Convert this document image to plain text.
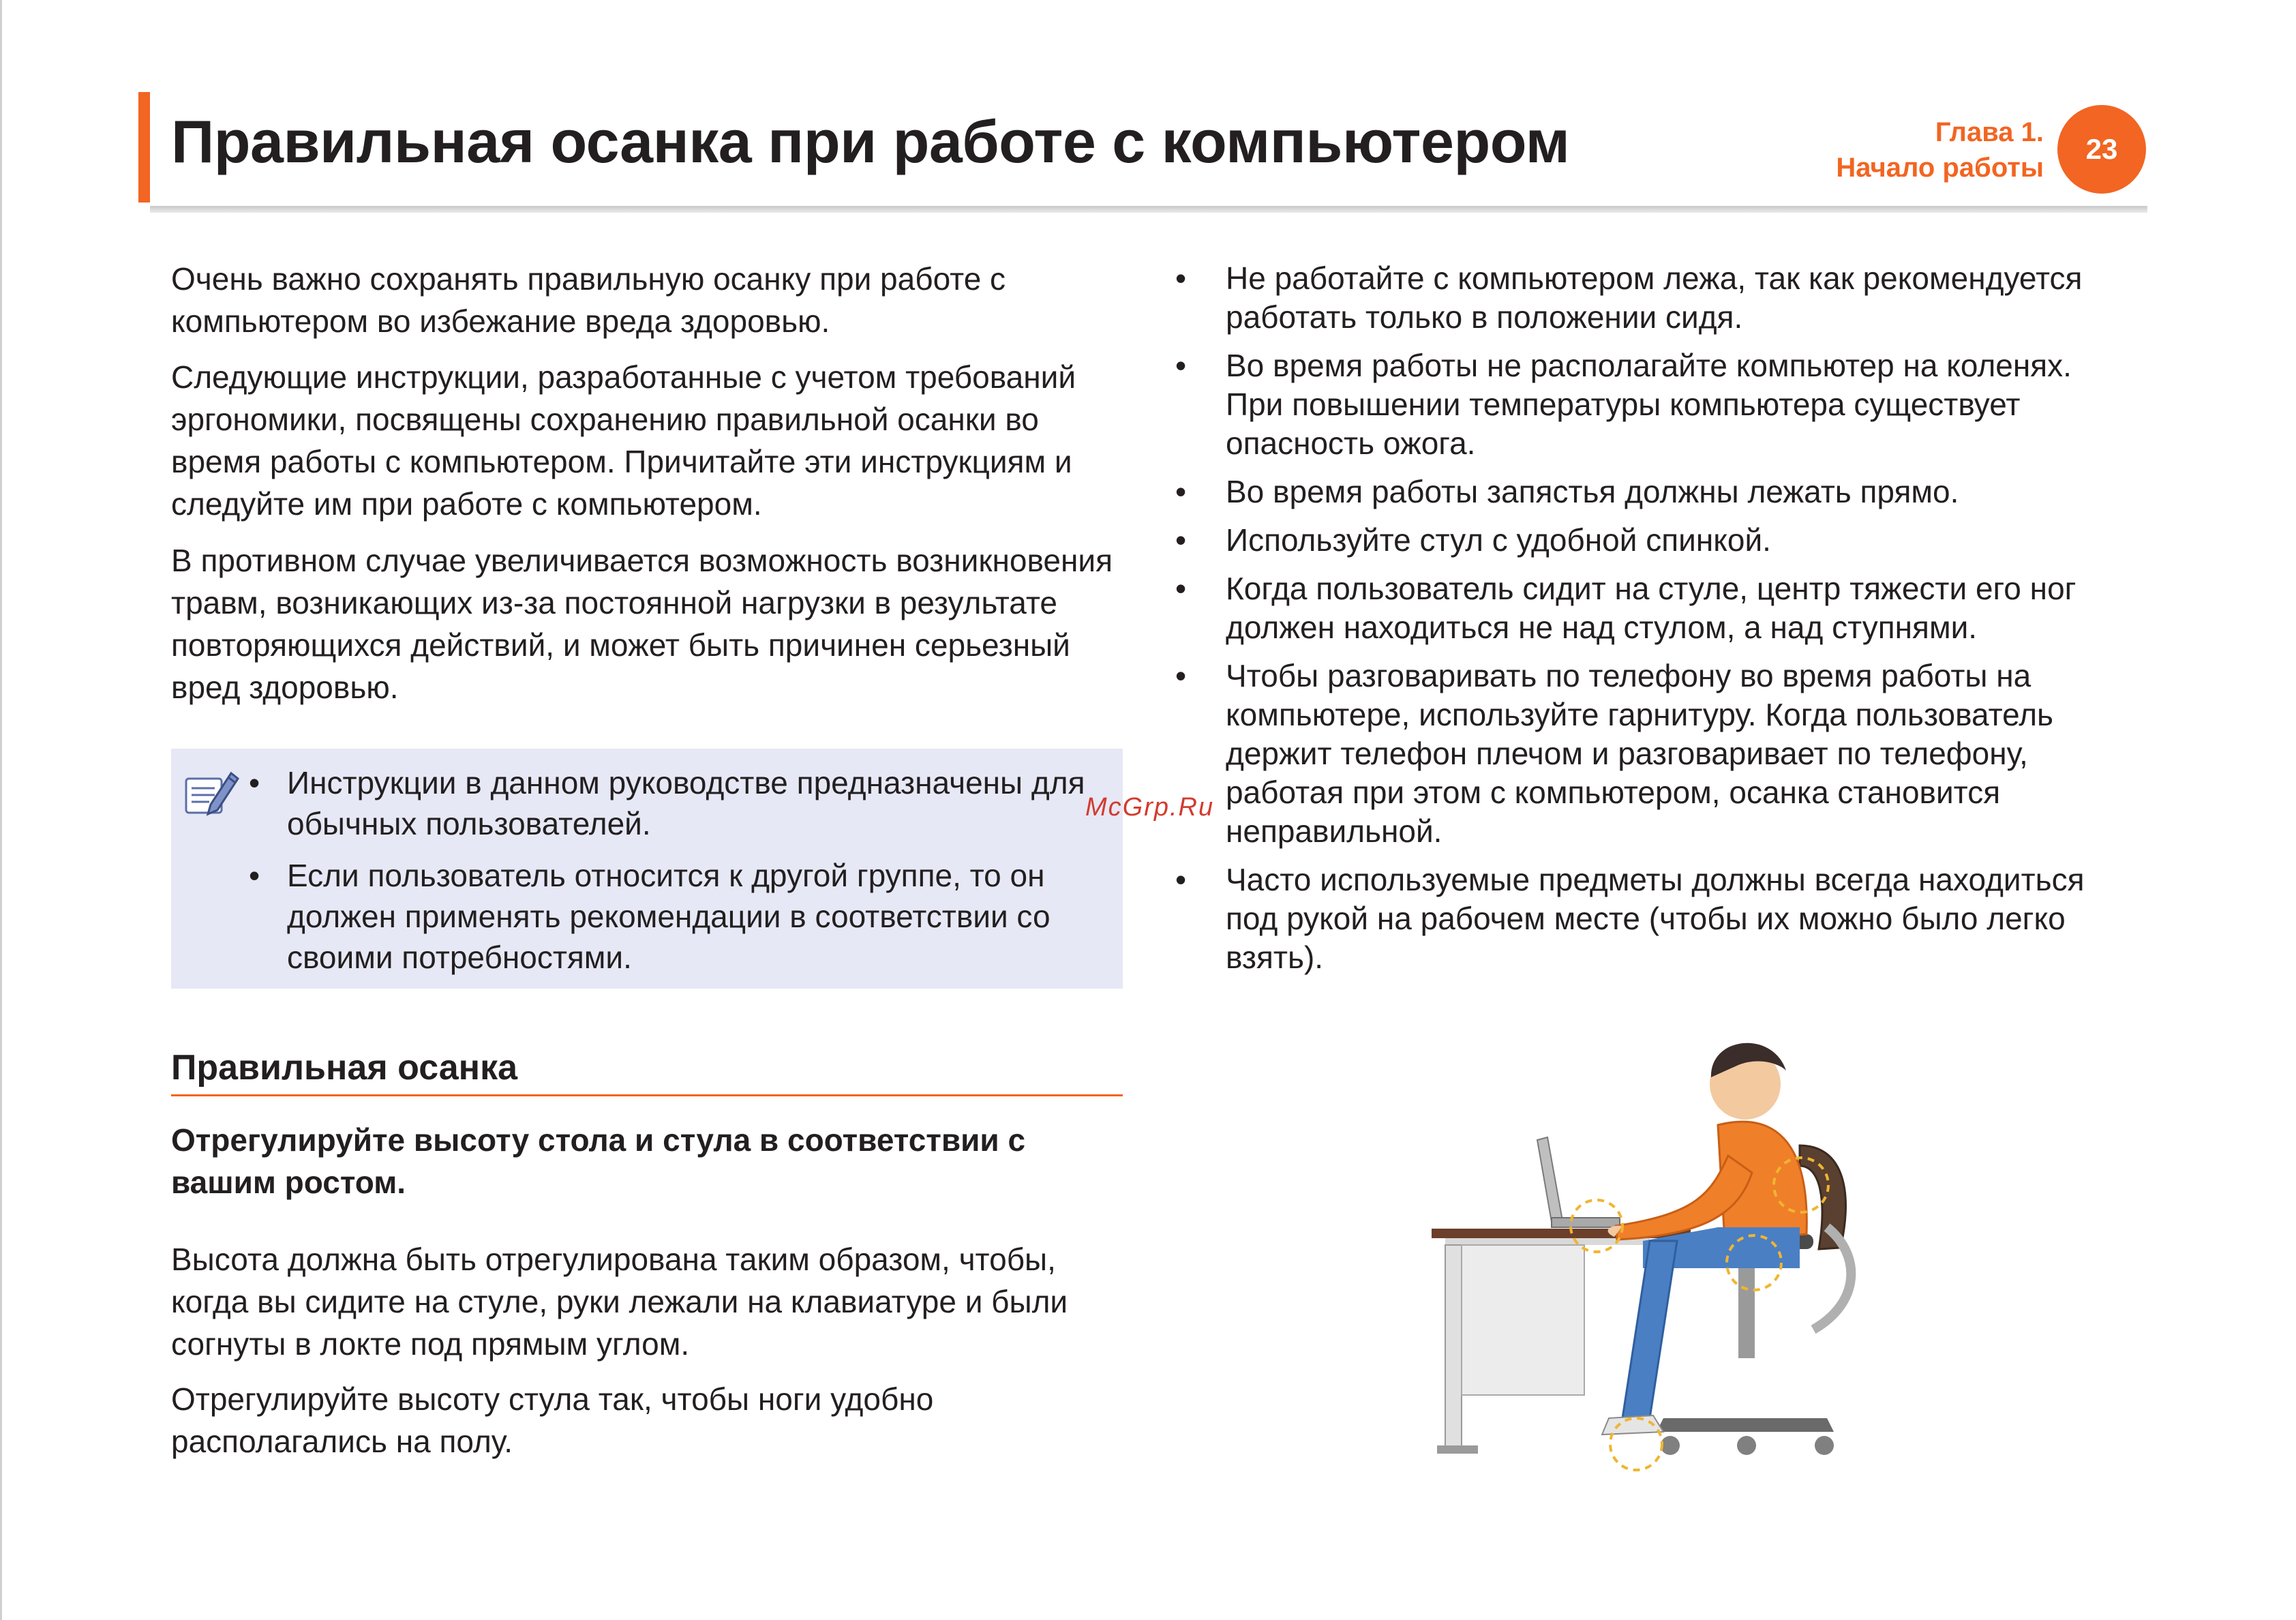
Правильная осанка при работе с компьютером	Глава 1.
Начало работы
23

Очень важно сохранять правильную осанку при работе с компьютером во избежание вреда здоровью.

Следующие инструкции, разработанные с учетом требований эргономики, посвящены сохранению правильной осанки во время работы с компьютером. Причитайте эти инструкциям и следуйте им при работе с компьютером.

В противном случае увеличивается возможность возникновения травм, возникающих из-за постоянной нагрузки в результате повторяющихся действий, и может быть причинен серьезный вред здоровью.

• Инструкции в данном руководстве предназначены для обычных пользователей.
• Если пользователь относится к другой группе, то он должен применять рекомендации в соответствии со своими потребностями.
Правильная осанка
Отрегулируйте высоту стола и стула в соответствии с вашим ростом.

Высота должна быть отрегулирована таким образом, чтобы, когда вы сидите на стуле, руки лежали на клавиатуре и были согнуты в локте под прямым углом.

Отрегулируйте высоту стула так, чтобы ноги удобно располагались на полу.

• Не работайте с компьютером лежа, так как рекомендуется работать только в положении сидя.
• Во время работы не располагайте компьютер на коленях. При повышении температуры компьютера существует опасность ожога.
• Во время работы запястья должны лежать прямо.
• Используйте стул с удобной спинкой.
• Когда пользователь сидит на стуле, центр тяжести его ног должен находиться не над стулом, а над ступнями.
• Чтобы разговаривать по телефону во время работы на компьютере, используйте гарнитуру. Когда пользователь держит телефон плечом и разговаривает по телефону, работая при этом с компьютером, осанка становится неправильной.
• Часто используемые предметы должны всегда находиться под рукой на рабочем месте (чтобы их можно было легко взять).
McGrp.Ru
